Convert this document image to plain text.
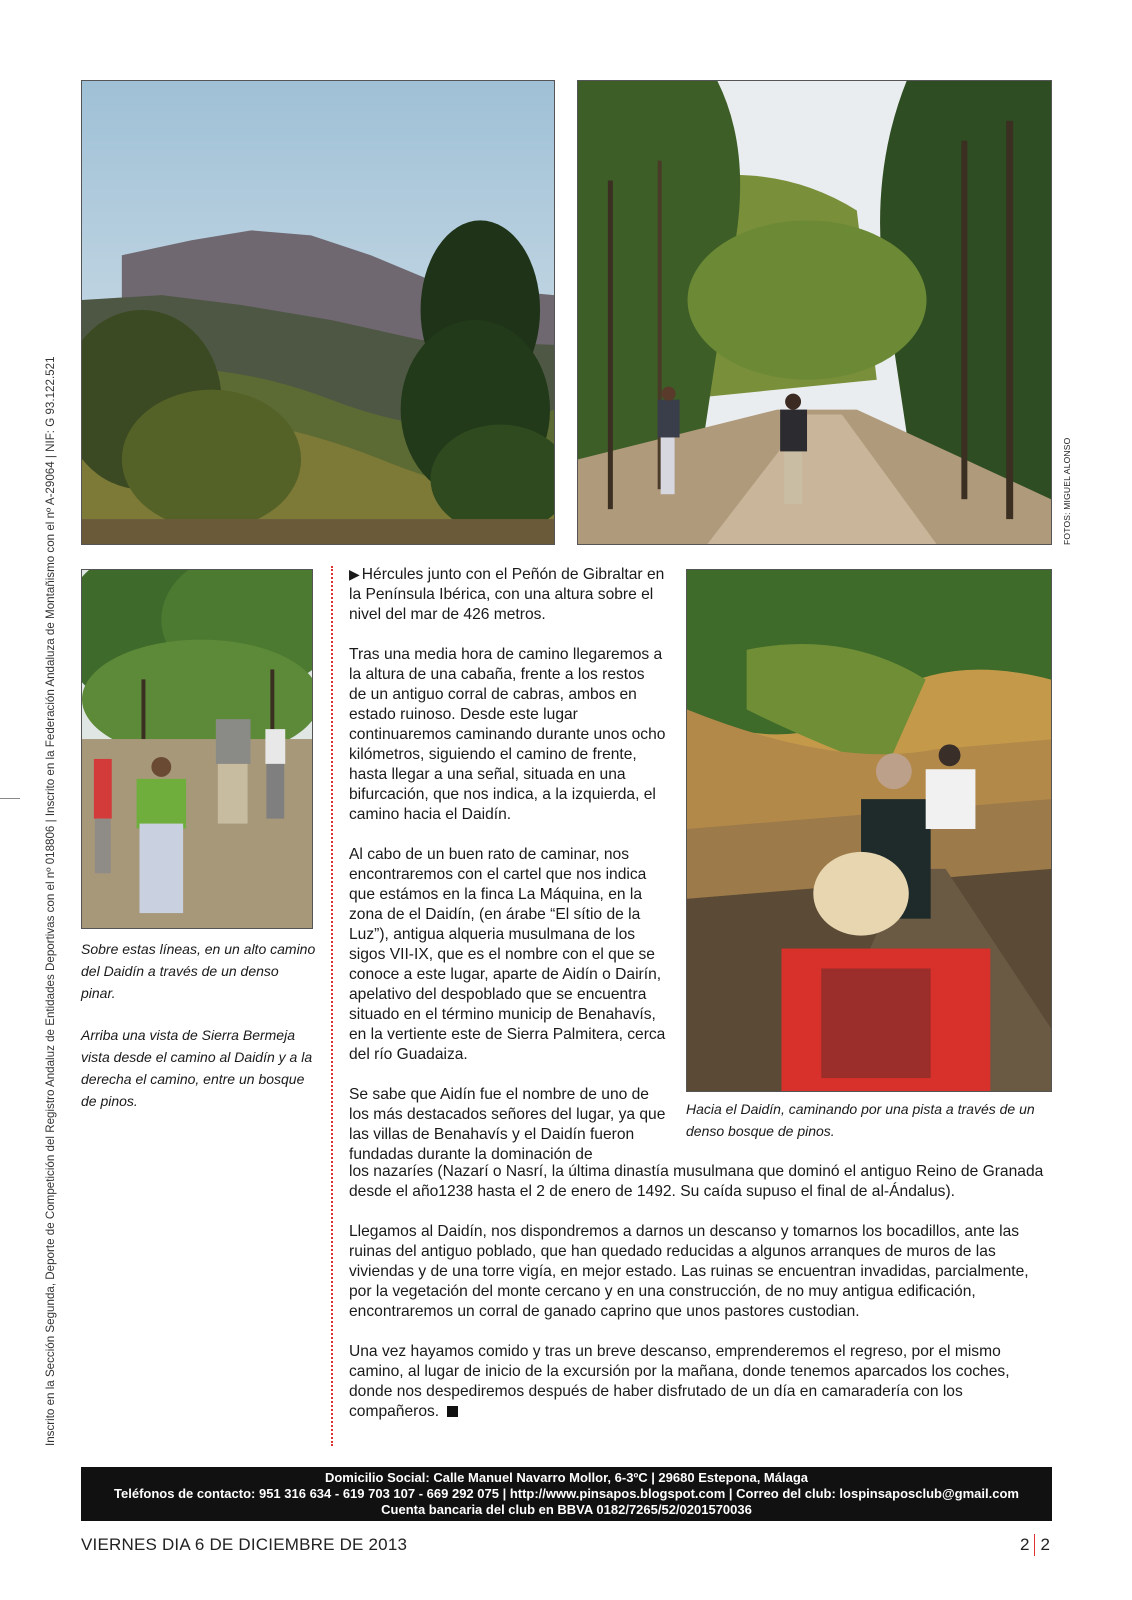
Inscrito en la Sección Segunda, Deporte de Competición del Registro Andaluz de Entidades Deportivas con el nº 018806 | Inscrito en la Federación Andaluza de Montañismo con el nº A-29064 | NIF: G 93.122.521	FOTOS: MIGUEL ALONSO

Sobre estas líneas, en un alto camino del Daidín a través de un denso pinar.

Arriba una vista de Sierra Bermeja vista desde el camino al Daidín y a la derecha el camino, entre un bosque de pinos.	Hacia el Daidín, caminando por una pista a través de un denso bosque de pinos.

▶ Hércules junto con el Peñón de Gibraltar en la Península Ibérica, con una altura sobre el nivel del mar de 426 metros.

Tras una media hora de camino llegaremos a la altura de una cabaña, frente a los restos de un antiguo corral de cabras, ambos en estado ruinoso. Desde este lugar continuaremos caminando durante unos ocho kilómetros, siguiendo el camino de frente, hasta llegar a una señal, situada en una bifurcación, que nos indica, a la izquierda, el camino hacia el Daidín.

Al cabo de un buen rato de caminar, nos encontraremos con el cartel que nos indica que estámos en la finca La Máquina, en la zona de el Daidín, (en árabe “El sítio de la Luz”), antigua alqueria musulmana de los sigos VII-IX, que es el nombre con el que se conoce a este lugar, aparte de Aidín o Dairín, apelativo del despoblado que se encuentra situado en el término municip de Benahavís, en la vertiente este de Sierra Palmitera, cerca del río Guadaiza.

Se sabe que Aidín fue el nombre de uno de los más destacados señores del lugar, ya que las villas de Benahavís y el Daidín fueron fundadas durante la dominación de

los nazaríes (Nazarí o Nasrí, la última dinastía musulmana que dominó el antiguo Reino de Granada desde el año1238 hasta el 2 de enero de 1492. Su caída supuso el final de al-Ándalus).

Llegamos al Daidín, nos dispondremos a darnos un descanso y tomarnos los bocadillos, ante las ruinas del antiguo poblado, que han quedado reducidas a algunos arranques de muros de las viviendas y de una torre vigía, en mejor estado. Las ruinas se encuentran invadidas, parcialmente, por la vegetación del monte cercano y en una construcción, de no muy antigua edificación, encontraremos un corral de ganado caprino que unos pastores custodian.

Una vez hayamos comido y tras un breve descanso, emprenderemos el regreso, por el mismo camino, al lugar de inicio de la excursión por la mañana, donde tenemos aparcados los coches, donde nos despediremos después de haber disfrutado de un día en camaradería con los compañeros.

Domicilio Social: Calle Manuel Navarro Mollor, 6-3ºC | 29680 Estepona, Málaga
Teléfonos de contacto: 951 316 634 - 619 703 107 - 669 292 075 | http://www.pinsapos.blogspot.com | Correo del club: lospinsaposclub@gmail.com
Cuenta bancaria del club en BBVA 0182/7265/52/0201570036
VIERNES DIA 6 DE DICIEMBRE DE 2013	2 2
